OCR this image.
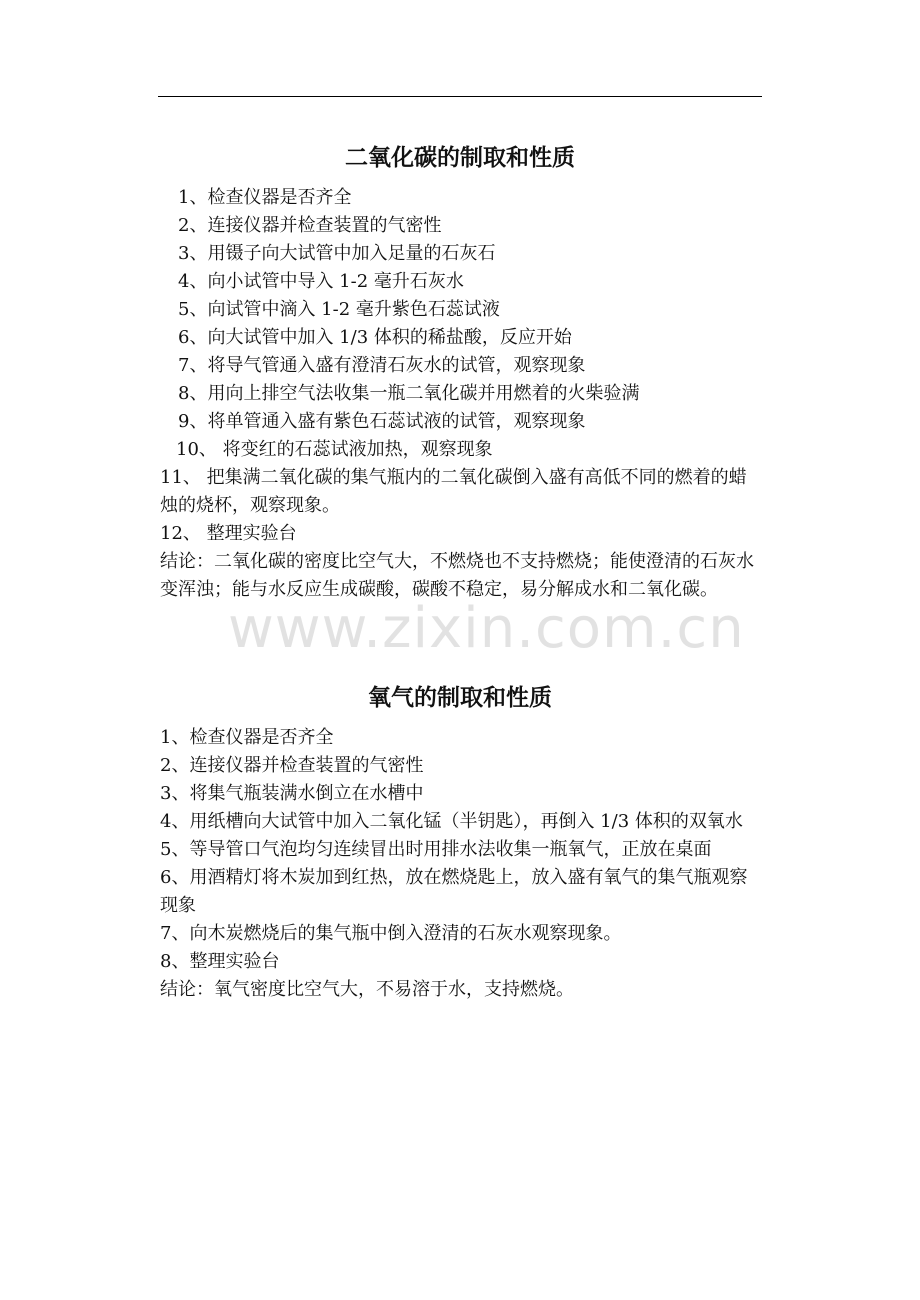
二氧化碳的制取和性质
1、检查仪器是否齐全
2、连接仪器并检查装置的气密性
3、用镊子向大试管中加入足量的石灰石
4、向小试管中导入 1-2 毫升石灰水
5、向试管中滴入 1-2 毫升紫色石蕊试液
6、向大试管中加入 1/3 体积的稀盐酸，反应开始
7、将导气管通入盛有澄清石灰水的试管，观察现象
8、用向上排空气法收集一瓶二氧化碳并用燃着的火柴验满
9、将单管通入盛有紫色石蕊试液的试管，观察现象
10、 将变红的石蕊试液加热，观察现象
11、 把集满二氧化碳的集气瓶内的二氧化碳倒入盛有高低不同的燃着的蜡烛的烧杯，观察现象。
12、 整理实验台

结论：二氧化碳的密度比空气大，不燃烧也不支持燃烧；能使澄清的石灰水变浑浊；能与水反应生成碳酸，碳酸不稳定，易分解成水和二氧化碳。

氧气的制取和性质
1、检查仪器是否齐全
2、连接仪器并检查装置的气密性
3、将集气瓶装满水倒立在水槽中
4、用纸槽向大试管中加入二氧化锰（半钥匙），再倒入 1/3 体积的双氧水
5、等导管口气泡均匀连续冒出时用排水法收集一瓶氧气，正放在桌面
6、用酒精灯将木炭加到红热，放在燃烧匙上，放入盛有氧气的集气瓶观察现象
7、向木炭燃烧后的集气瓶中倒入澄清的石灰水观察现象。
8、整理实验台

结论：氧气密度比空气大，不易溶于水，支持燃烧。

www.zixin.com.cn
